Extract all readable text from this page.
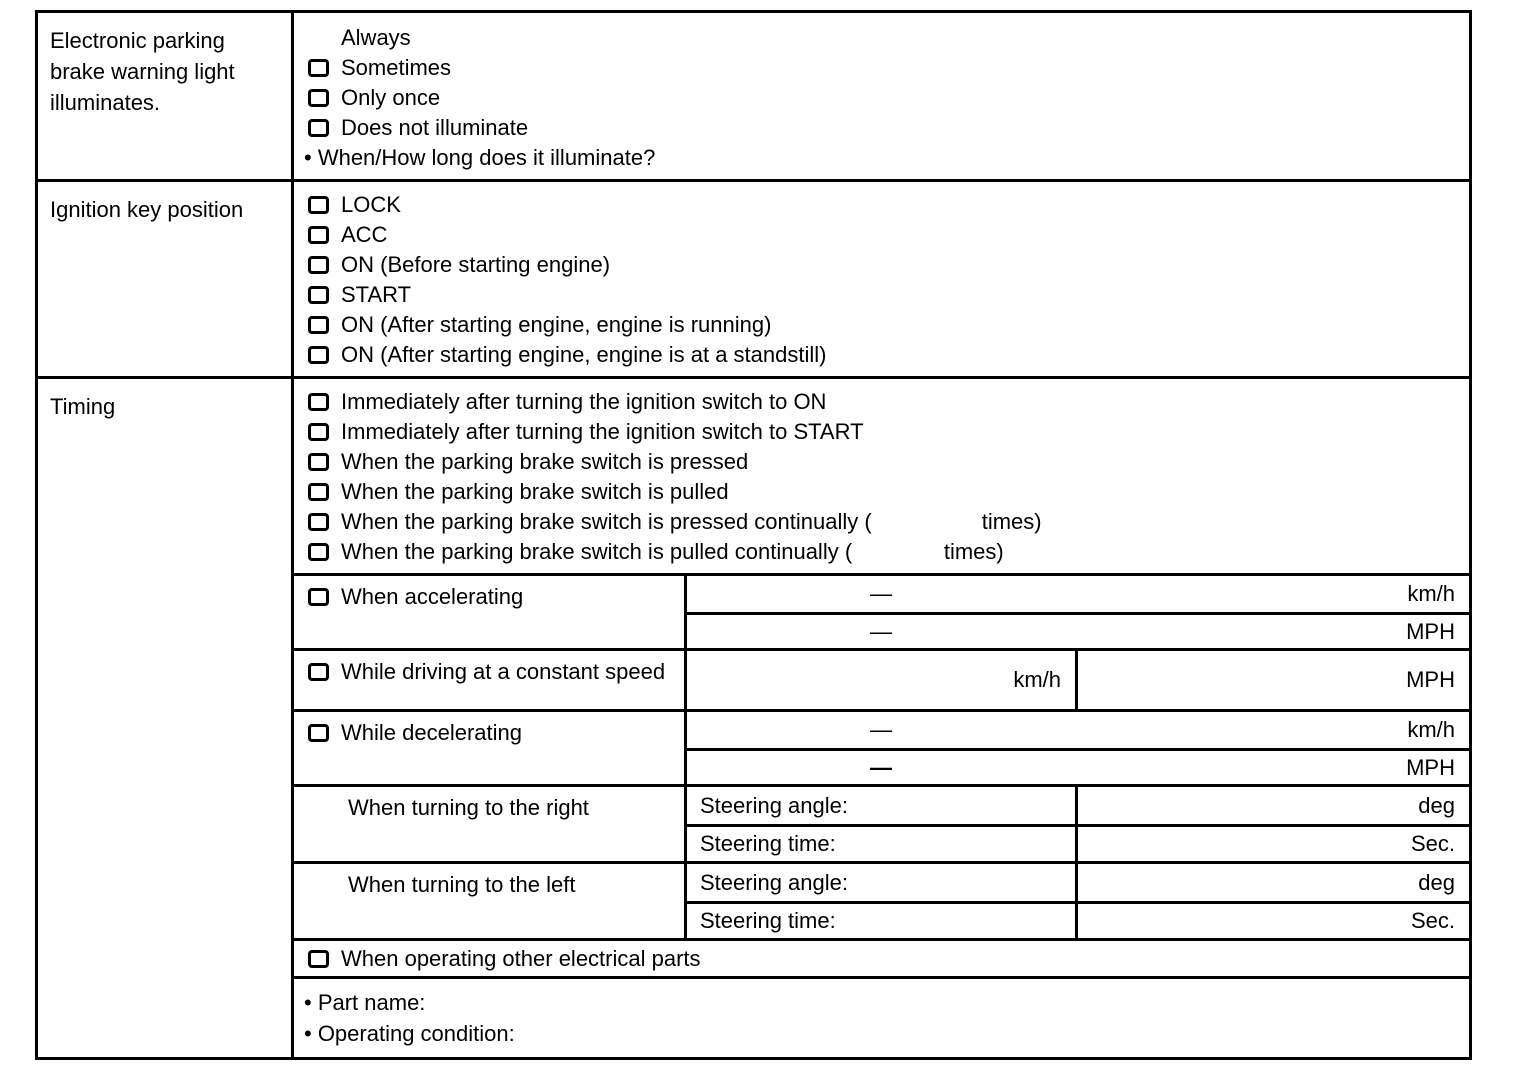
Electronic parking brake warning light illuminates.
Always
Sometimes
Only once
Does not illuminate
• When/How long does it illuminate?
Ignition key position	LOCK
ACC
ON (Before starting engine)
START
ON (After starting engine, engine is running)
ON (After starting engine, engine is at a standstill)
Timing	Immediately after turning the ignition switch to ON
Immediately after turning the ignition switch to START
When the parking brake switch is pressed
When the parking brake switch is pulled
When the parking brake switch is pressed continually (                  times)
When the parking brake switch is pulled continually (               times)
When accelerating	—	km/h
—	MPH
While driving at a constant speed	km/h	MPH
While decelerating	—	km/h
—	MPH
When turning to the right	Steering angle:	deg
Steering time:	Sec.
When turning to the left	Steering angle:	deg
Steering time:	Sec.
When operating other electrical parts
• Part name:
• Operating condition:
